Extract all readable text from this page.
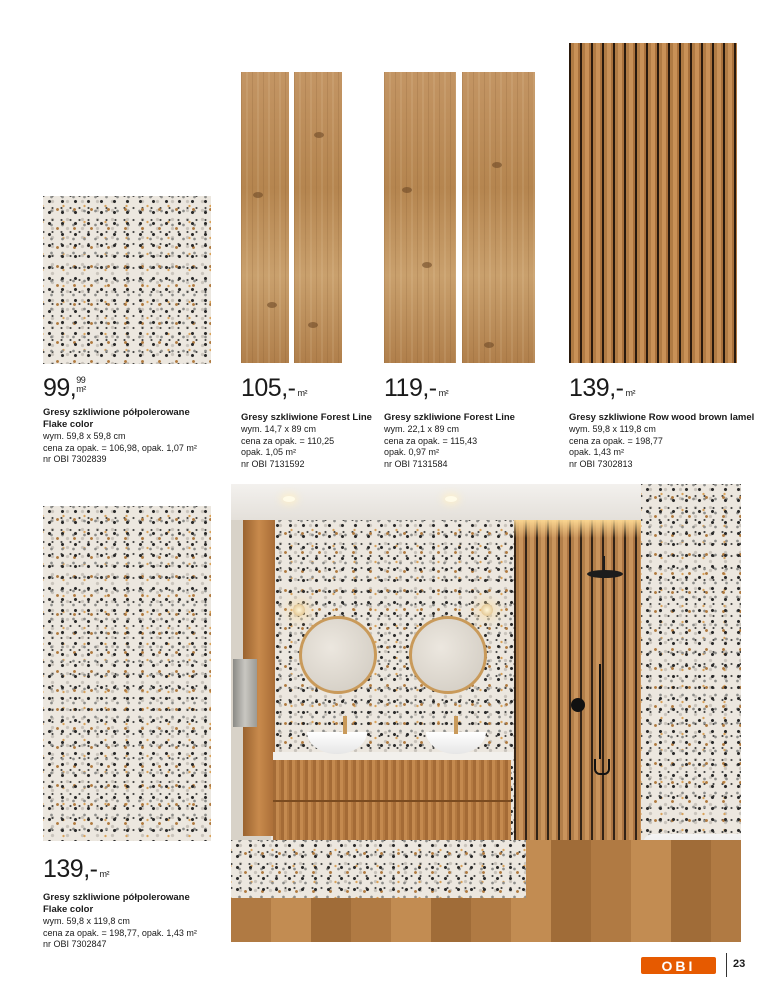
99, 99
m²
Gresy szkliwione półpolerowane
Flake color
wym. 59,8 x 59,8 cm
cena za opak. = 106,98, opak. 1,07 m²
nr OBI 7302839
105,- m²
Gresy szkliwione Forest Line
wym. 14,7 x 89 cm
cena za opak. = 110,25
opak. 1,05 m²
nr OBI 7131592
119,- m²
Gresy szkliwione Forest Line
wym. 22,1 x 89 cm
cena za opak. = 115,43
opak. 0,97 m²
nr OBI 7131584
139,- m²
Gresy szkliwione Row wood brown lamel
wym. 59,8 x 119,8 cm
cena za opak. = 198,77
opak. 1,43 m²
nr OBI 7302813
139,- m²
Gresy szkliwione półpolerowane
Flake color
wym. 59,8 x 119,8 cm
cena za opak. = 198,77, opak. 1,43 m²
nr OBI 7302847
OBI	23
